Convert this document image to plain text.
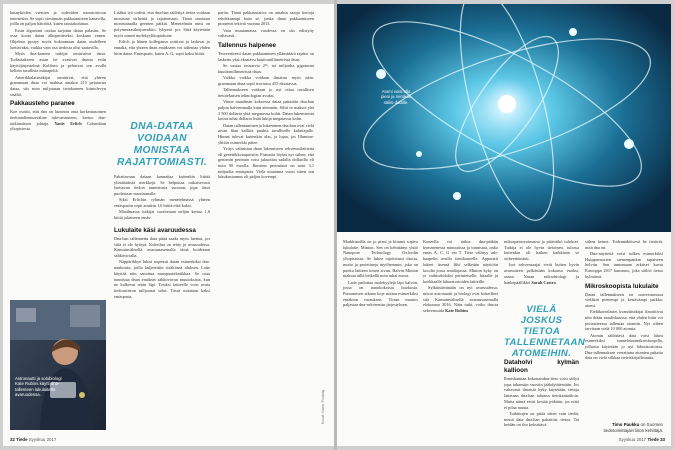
käsnykiiden viestien ja videoiden suoratoistoon internetiin. Se sopii viestinnän pakkaamiseen kanavilla, joilla on paljon häiriöitä, kuten taustakohinaa.

Essin algoritmi osittaa tarjotun datan palasiin. Se ossa koota datan alkuperäiseksi koskaan ennen. Ohjelma pystyy myös kokoamaan datan uudelleen luettavaksi, vaikka vain osa tiedosta olisi saatavilla.

Myös dna-koneen tutkijat omistuivat tässä. Todistaakseen asian he avasivat dnasta esiin käyttöjärjestelmä Kolibrin ja pelasivat sen avulla kellein tavallista miinapeliä.

Amerikkalaistutkijat onnittivat, että yhteen grammaan dnaa voi mahtua ainakin 215 petatavua dataa, siis noin miljoonan tietokoneen kiintolevyn sisältö.

Pakkausteho paranee

Koe osoitti, että dna on luonnon oma korkeatasoinen tiedontallennusväline tulevaisuuteen, kertoo dna-tutkimuksen johtaja. Yaniv Erlich Columbian yliopistosta.

Astronautti ja solubiologi Kate Rubins käytti dna-tallenteen lukulaitetta avaruudessa.

Lisäksi työ todisti, että dna:han säilöttyä tietoa voidaan monistaa virheittä ja rajattomasti. Tämä onnistuu monistamalla geenien pätkiä. Menetelmän nimi on polymeraasiketjureaktio, lyhyesti pcr. Siitä käytetään myös nimeä molekyylikopiokone.

Erlich ja hänen kollegansa osittivat ja laskivat jo ennalta, että yhteen dnan emäkseen voi tallentaa yhden bitin dataa. Emäsparin, kuten A–G, sopii kaksi bittiä.

DNA-DATAA VOIDAAN MONISTAA RAJATTOMIASTI.

Pakattavaan dataan kannattaa kuitenkin liittää ylimääräisiä merkkejä. Se helpottaa ratkaisevasti luettavan tiedon tunnistusta suoraan, jopa tässä puolestaan nuorimmalle.

Siksi Erlichin ryhmän menetelmässä yhteen emäspariin sopii ainakin 1,6 bittiä eikä kaksi.

Maailmassa tutkijat suoritetaan neljän kertaa 1,6 bittiä jokaiseen emäs-

Lukulaite käsi avaruudessa

Dna:han tallennettu data pitää saada myös luettua, jos siitä ei ole hyötyä. Kokeilua on tehty jo avaruudessa. Kansainvälisellä avaruusasemalla tämä hoidetaan sähkövirralla.

Näppärikkye lukisi nopeasti datan esimerkiksi dna-nauhoista, joilla kuljetettiin sisältönsä aluksen. Laite käyttää niin sanottua nanopuutekniikkaa. Se osaa tunnistaa dnan emäkset sähkövirran muutoksista, kun ne kulkevat reiän läpi. Tosiksi laitteelle voisi avata tiedonsiirron miljoonat solut. Tässä mitataan kaksi emäsparia.

pariin. Tämä pakkaustaitos on ainakin satoja kertoja tehokkaampi kuin se, jonka dnan pakkaamiseen pioneerit tekivät vuonna 2013.

Vain muutamassa vuodessa on siis edistytty valtavasti.

Tallennus halpenee

Teoreettisesti datan pakkaaminen yllämääärä rajaksi on laskettu yksi eksatavu kuutiomillimetrissä dnaa.

Se vastaa tavuarvia 2¹⁶, tai miljardia gigatavua kuutiomillimetrissä dnaa.

Vaikka vaikka voidaan ilmaista myös näin: grammaan dnaa sopii teoriassa 455 eksatavua.

Tallennukseen voidaan jo nyt ottaa tavallisen tietoteknisen teknologian avuksi.

Viime maailman kokoessa dataa pakattiin dna:han paljon halvemmalla kuin aiemmin. Siltti se maksoi yhä 3 500 dollaria yhtä megatavua kohti. Datan lukemisesta koitui tuhat dollaria lisää lukija megatavua kohti.

Datan tallentaminen ja lukeminen dna:han ovat vielä aivan liian kalliita puuhia tavalliselle kuluttajalle. Hinnat tulevat kuitenkin alas, ja lujaa, jos Illumina-yhtiön esimerkki pätee.

Yritys valmistaa dnan lukemiseen sekvenssilaitteita eli genetiikkotarpeisiin. Firmasta löytää nyt siihen, että genomin perimän voisi jakuottaa sadalla dollarilla eli noin 90 eurolla. Ihmisen perimässä on noin 3,1 miljardia emäsparia. Vielä muutama vuosi sitten sen lukukustannus oli paljon kovempi.

Kuvat: Nasa, Pixabay
32 Tiede Syyskuu 2017
Atomi voisi olla pieni ja nerokas säiliö datalle.

Markkinoilla on jo pieni ja kiinnei sopiva lukulaite, Minion. Sen on kehittänyt yhtiö Nanopore Technology Oxfordin yliopistossa. Se lukee rajoitetusti dna:ta, mutta ja proteiineja myöhemmin, joka on puettu laitteen toisen sivun. Halvin Minion maksaa tällä hetkellä noin tuhat euroa.

Laite padottaa molekyylejä läpi kalvon, jossa on nanokokoisia huokosia. Putoamisen aikana koje mittaa esimerkiksi emäksen varauksen. Virran muutos paljastaa dna-sekvenssin järjestyksen.

Koneella voi tutkia dna-pätkän kymmenessä minuutissa ja tunnistaa, onko emäs A, C, G vai T. Tieto välittyy usb-kaapelin avulla tietokoneelle. Apparatit lukeet itsensä lähi selkeään näyttöön koodia jossa reaaliajassa. Minion kyky on yt vaihtoehdoksi perinteiselle, hitaalle ja koekkaalle laboratorioiden laitteille.

Sylkäistävänään on nyt avaruudessa, missä astronautti ja biologi ovat kokeilleet sitä Kansainvälisellä avaruusasemalla elokuussa 2016. Näin tutki, voiko dna:ta sekvensoida Kate Rubins

mikropainovoimassa ja pitävätkö tulokset. Tutkija ei ole hyvin tietoinen, tulossa kuitenkin oli kaiken kaikkiaan se virheettömästi.

Isot sekvensaajat eivät kuiten hyvin avaruuteen pelkästään kokonsa vuoksi, sanoo Nasan mikrobiologi ja hankepäällikkö Sarah Castro.

VIELÄ JOSKUS TIETOA TALLENNETAAN ATOMEIHIN.
Dataholvi kylmän kallioon

Ihmiskunnan kokonaisdna-tieto voisi säilyä jopa tuhansiin vuosiin jäähdyttäessään. Jos valtavasti ilmaistä kyky käytetään, tietoja laitetaan dna:han tahansa tietokantatiloin. Mutta nämä eivät kestää pitkään, jos niitä ei pilaa muuta.

Tutkittujen on pitää sitten vain tiedät, missä data dna:han pakattiin, tietoa. Tai heidän on ilse keksittävä

siihen keinot. Todennäköisesti he tietävät, mitä dna on.

Dna-näytteitä voisi sulkea esimerkiksi Huippuvuorten siemenpankin tapaiseen holviin. Sen tuntumaan arktiset kuvat Eurooppa 2017 kummoo, joka säilöö tietoa kylmässä.

Mikroskoopista lukulaite

Datan tallennukseen on universumissa vieläkin pienempi ja kestävämpi paikka: atomi.

Eteläkorealaiset kvanttitutkijat ilmoittivat niin ikään maaliskuussa, että yhden bitin voi periaatteessa tallentaa atomiin. Nyt siihen tarvitaan vielä 10 000 atomia.

Atomin säilöttävä data voisi lukea esimerkiksi tunnelointimikroskoopilla, jollaisia käytetään jo nyt laboratorioissa. Dna-tallennuksen verrattuna atomien pakattu data on vielä silkkaa tieteiskirjallisuutta.

Timo Paukku on Suomen tiedetoimittajain liiton kehittäjä.
Syyskuu 2017 Tiede 33
